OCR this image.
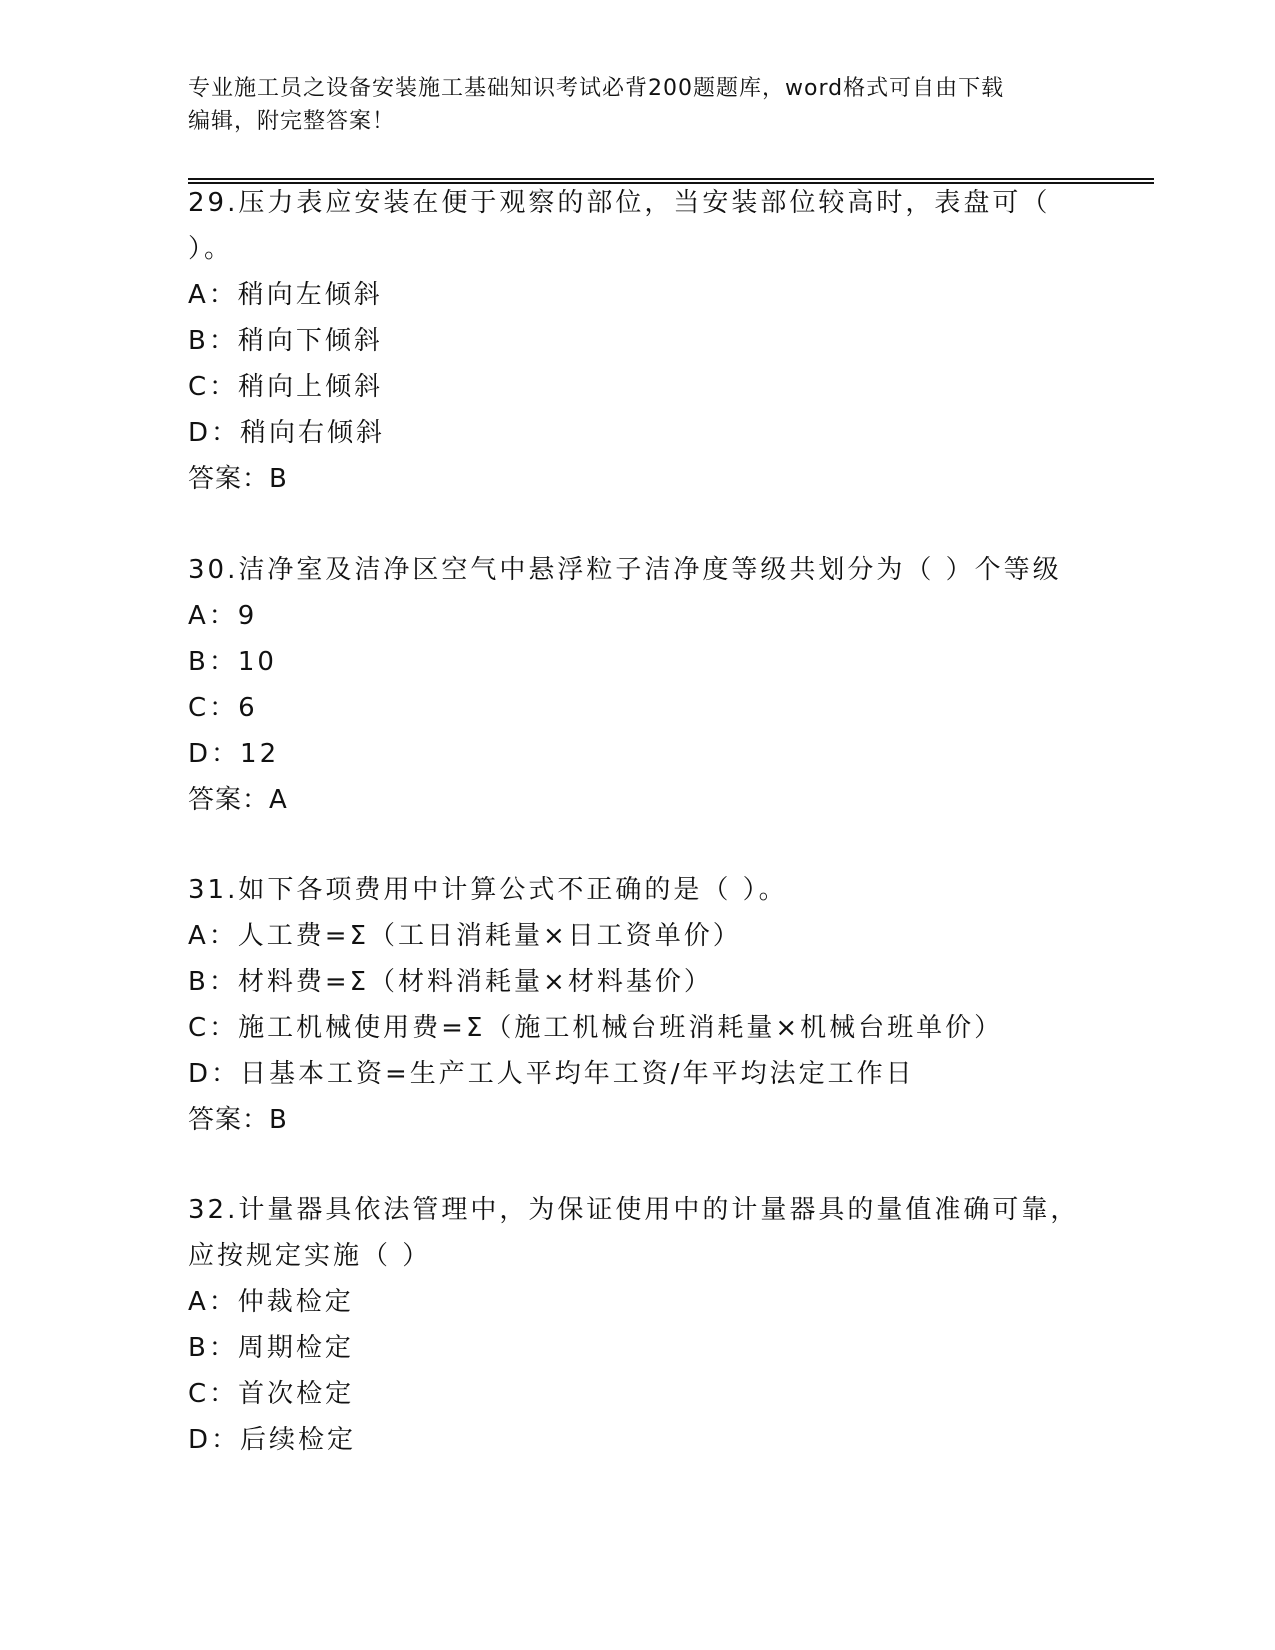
专业施工员之设备安装施工基础知识考试必背200题题库，word格式可自由下载
编辑，附完整答案！
29.压力表应安装在便于观察的部位，当安装部位较高时，表盘可（
）。
A：稍向左倾斜
B：稍向下倾斜
C：稍向上倾斜
D：稍向右倾斜
答案：B
30.洁净室及洁净区空气中悬浮粒子洁净度等级共划分为（ ）个等级
A：9
B：10
C：6
D：12
答案：A
31.如下各项费用中计算公式不正确的是（ ）。
A：人工费=Σ（工日消耗量×日工资单价）
B：材料费=Σ（材料消耗量×材料基价）
C：施工机械使用费=Σ（施工机械台班消耗量×机械台班单价）
D：日基本工资=生产工人平均年工资/年平均法定工作日
答案：B
32.计量器具依法管理中，为保证使用中的计量器具的量值准确可靠，
应按规定实施（ ）
A：仲裁检定
B：周期检定
C：首次检定
D：后续检定
